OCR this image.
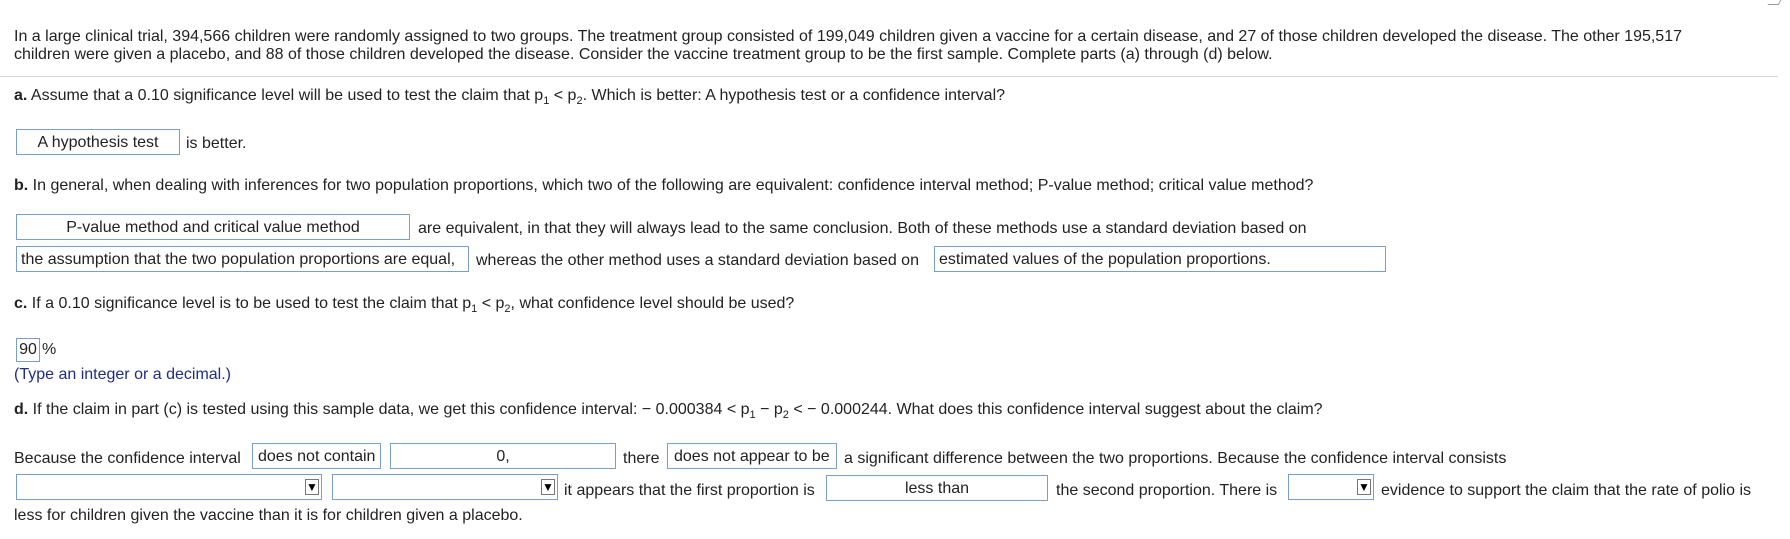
In a large clinical trial, 394,566 children were randomly assigned to two groups. The treatment group consisted of 199,049 children given a vaccine for a certain disease, and 27 of those children developed the disease. The other 195,517
children were given a placebo, and 88 of those children developed the disease. Consider the vaccine treatment group to be the first sample. Complete parts (a) through (d) below.
a. Assume that a 0.10 significance level will be used to test the claim that $p_1 < p_2$. Which is better: A hypothesis test or a confidence interval?
A hypothesis test	is better.
b. In general, when dealing with inferences for two population proportions, which two of the following are equivalent: confidence interval method; P-value method; critical value method?
P-value method and critical value method	are equivalent, in that they will always lead to the same conclusion. Both of these methods use a standard deviation based on
the assumption that the two population proportions are equal,	whereas the other method uses a standard deviation based on	estimated values of the population proportions.
c. If a 0.10 significance level is to be used to test the claim that $p_1 < p_2$, what confidence level should be used?
90 %
(Type an integer or a decimal.)
d. If the claim in part (c) is tested using this sample data, we get this confidence interval: − $0.000384 < p_1 - p_2$ < − 0.000244. What does this confidence interval suggest about the claim?
Because the confidence interval	does not contain	0,	there does not appear to be a significant difference between the two proportions. Because the confidence interval consists
▼	▼ it appears that the first proportion is	less than	the second proportion. There is	▼ evidence to support the claim that the rate of polio is
less for children given the vaccine than it is for children given a placebo.
